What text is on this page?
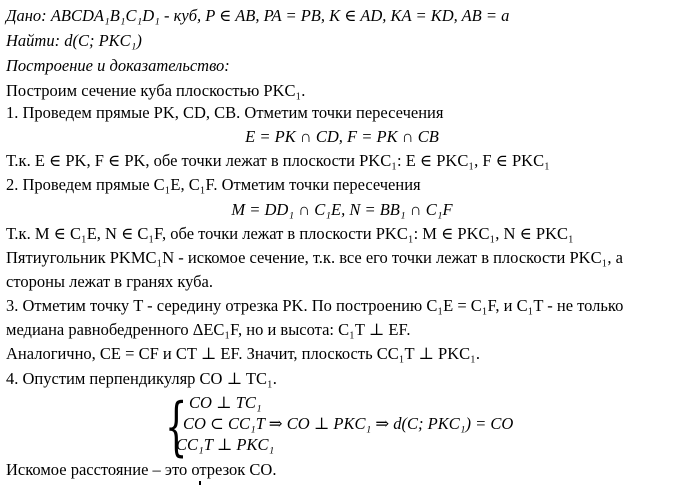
Дано: ABCDA₁B₁C₁D₁ - куб, P ∈ AB, PA = PB, K ∈ AD, KA = KD, AB = a
Найти: d(C; PKC₁)
Построение и доказательство:
Построим сечение куба плоскостью PKC₁.
1. Проведем прямые PK, CD, CB. Отметим точки пересечения
E = PK ∩ CD, F = PK ∩ CB
Т.к. E ∈ PK, F ∈ PK, обе точки лежат в плоскости PKC₁: E ∈ PKC₁, F ∈ PKC₁
2. Проведем прямые C₁E, C₁F. Отметим точки пересечения
M = DD₁ ∩ C₁E, N = BB₁ ∩ C₁F
Т.к. M ∈ C₁E, N ∈ C₁F, обе точки лежат в плоскости PKC₁: M ∈ PKC₁, N ∈ PKC₁
Пятиугольник PKMC₁N - искомое сечение, т.к. все его точки лежат в плоскости PKC₁, а
стороны лежат в гранях куба.
3. Отметим точку T - середину отрезка PK. По построению C₁E = C₁F, и C₁T - не только
медиана равнобедренного ΔEC₁F, но и высота: C₁T ⊥ EF.
Аналогично, CE = CF и CT ⊥ EF. Значит, плоскость CC₁T ⊥ PKC₁.
4. Опустим перпендикуляр CO ⊥ TC₁.
{ CO ⊥ TC₁
CO ⊂ CC₁T ⇒ CO ⊥ PKC₁ ⇒ d(C; PKC₁) = CO
CC₁T ⊥ PKC₁
Искомое расстояние – это отрезок CO.
